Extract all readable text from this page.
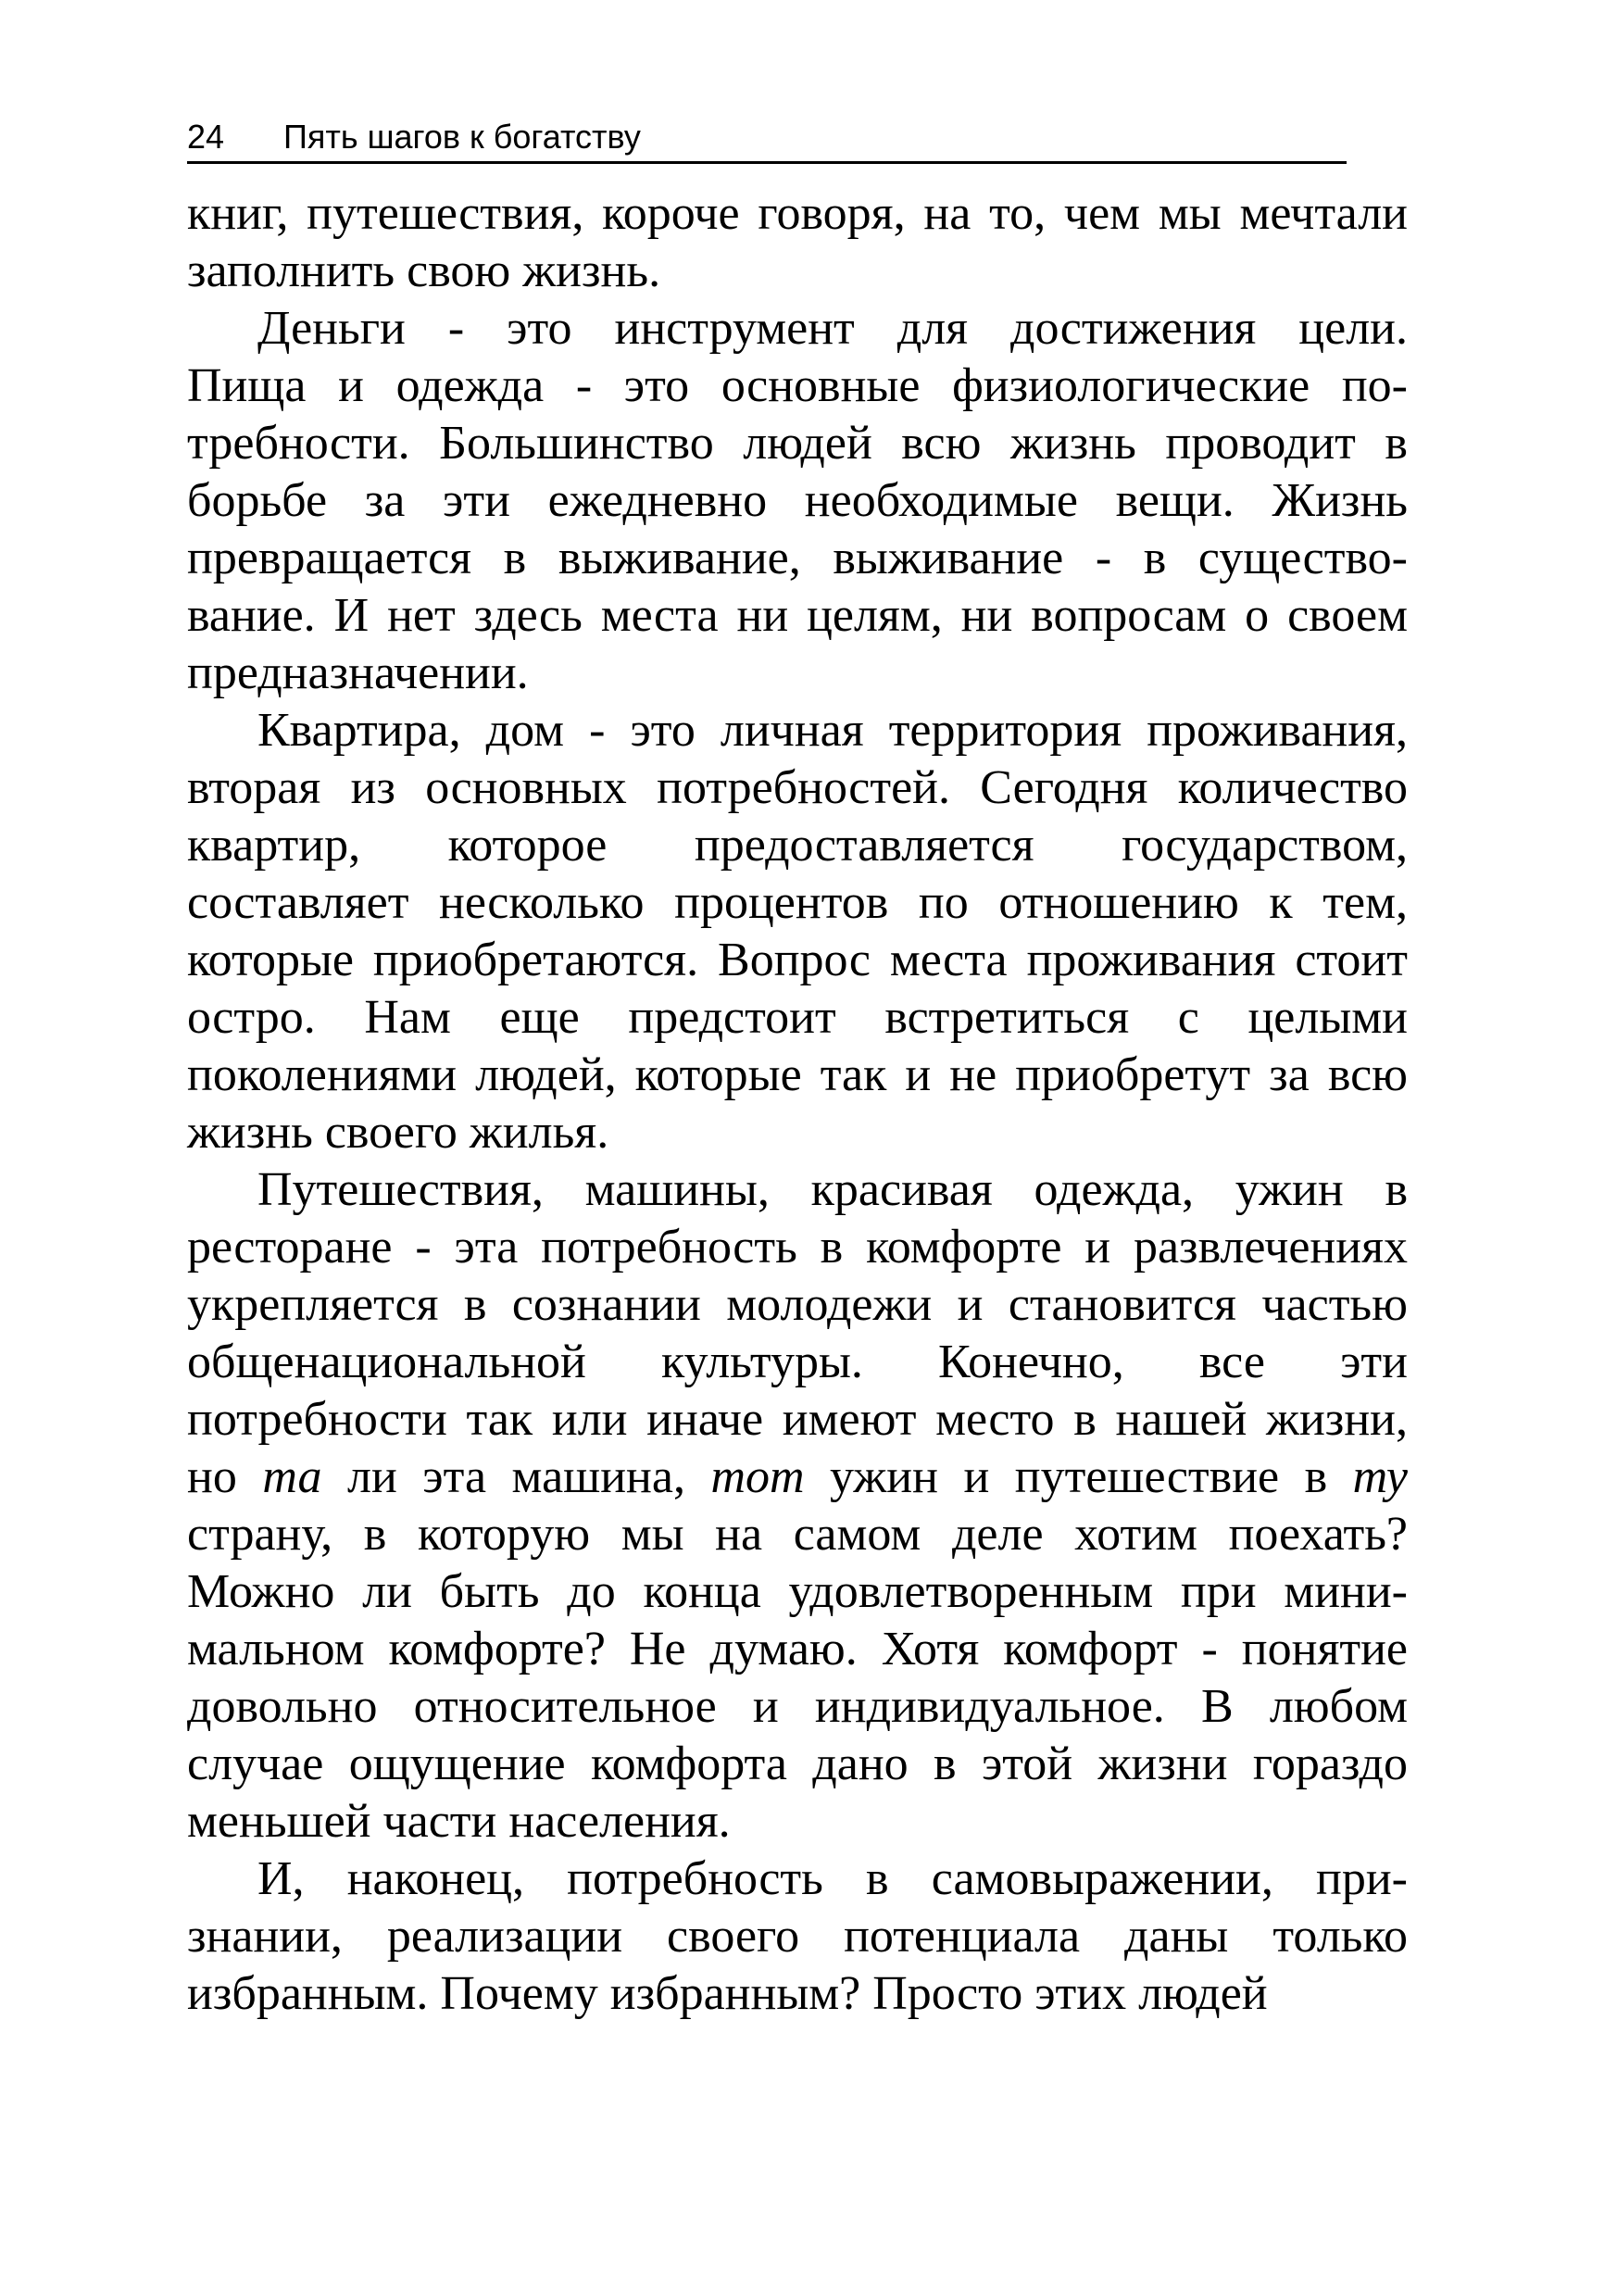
24 Пять шагов к богатству
книг, путешествия, короче говоря, на то, чем мы мечтали
заполнить свою жизнь.
Деньги - это инструмент для достижения цели.
Пища и одежда - это основные физиологические по-
требности. Большинство людей всю жизнь проводит в
борьбе за эти ежедневно необходимые вещи. Жизнь
превращается в выживание, выживание - в существо-
вание. И нет здесь места ни целям, ни вопросам о своем
предназначении.
Квартира, дом - это личная территория проживания,
вторая из основных потребностей. Сегодня количество
квартир, которое предоставляется государством,
составляет несколько процентов по отношению к тем,
которые приобретаются. Вопрос места проживания стоит
остро. Нам еще предстоит встретиться с целыми
поколениями людей, которые так и не приобретут за всю
жизнь своего жилья.
Путешествия, машины, красивая одежда, ужин в
ресторане - эта потребность в комфорте и развлечениях
укрепляется в сознании молодежи и становится частью
общенациональной культуры. Конечно, все эти
потребности так или иначе имеют место в нашей жизни,
но та ли эта машина, тот ужин и путешествие в ту
страну, в которую мы на самом деле хотим поехать?
Можно ли быть до конца удовлетворенным при мини-
мальном комфорте? Не думаю. Хотя комфорт - понятие
довольно относительное и индивидуальное. В любом
случае ощущение комфорта дано в этой жизни гораздо
меньшей части населения.
И, наконец, потребность в самовыражении, при-
знании, реализации своего потенциала даны только
избранным. Почему избранным? Просто этих людей
